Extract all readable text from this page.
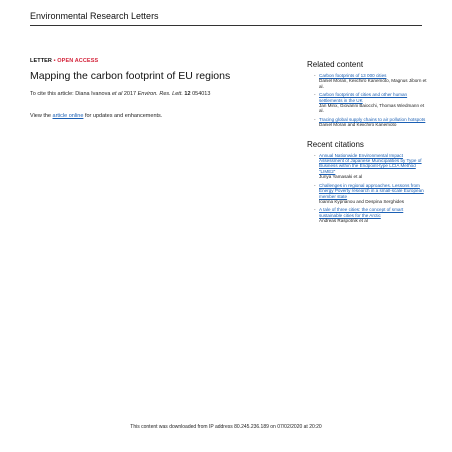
Environmental Research Letters
LETTER • OPEN ACCESS
Mapping the carbon footprint of EU regions
To cite this article: Diana Ivanova et al 2017 Environ. Res. Lett. 12 054013
View the article online for updates and enhancements.
Related content
- Carbon footprints of 13 000 cities
Daniel Moran, Keiichiro Kanemoto, Magnus Jiborn et al.
- Carbon footprints of cities and other human settlements in the UK
Jan Minx, Giovanni Baiocchi, Thomas Wiedmann et al.
- Tracing global supply chains to air pollution hotspots
Daniel Moran and Keiichiro Kanemoto
Recent citations
- Annual Nationwide Environmental Impact Assessment of Japanese Municipalities by Type of Business within the Endpoint-type LCIA Method “LIME2”
Junya Yamasaki et al
- Challenges in regional approaches. Lessons from Energy Poverty research in a small-scale European member state
Ioanna Kyprianou and Despina Serghides
- A tale of three cities: the concept of smart sustainable cities for the Arctic
Andreas Raspotnik et al
This content was downloaded from IP address 80.245.236.189 on 07/02/2020 at 20:20
